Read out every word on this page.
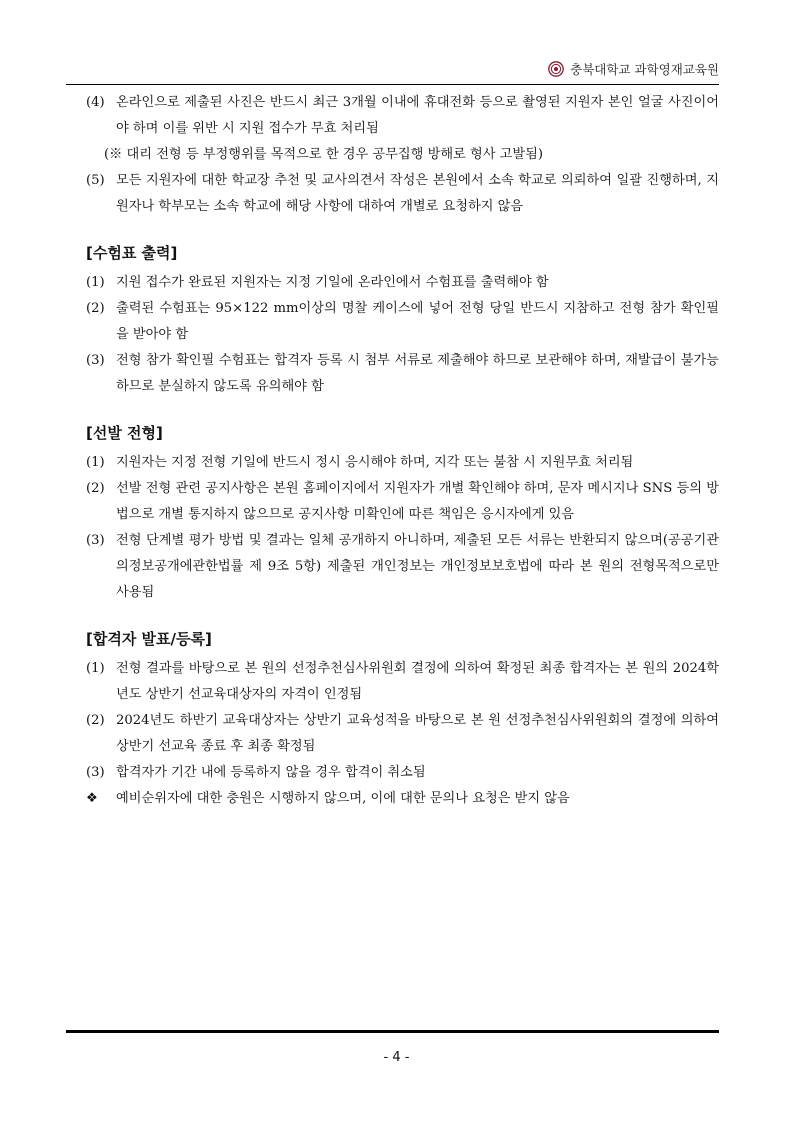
충북대학교 과학영재교육원
(4) 온라인으로 제출된 사진은 반드시 최근 3개월 이내에 휴대전화 등으로 촬영된 지원자 본인 얼굴 사진이어야 하며 이를 위반 시 지원 접수가 무효 처리됨
(※ 대리 전형 등 부정행위를 목적으로 한 경우 공무집행 방해로 형사 고발됨)
(5) 모든 지원자에 대한 학교장 추천 및 교사의견서 작성은 본원에서 소속 학교로 의뢰하여 일괄 진행하며, 지원자나 학부모는 소속 학교에 해당 사항에 대하여 개별로 요청하지 않음
[수험표 출력]
(1) 지원 접수가 완료된 지원자는 지정 기일에 온라인에서 수험표를 출력해야 함
(2) 출력된 수험표는 95×122 mm이상의 명찰 케이스에 넣어 전형 당일 반드시 지참하고 전형 참가 확인필을 받아야 함
(3) 전형 참가 확인필 수험표는 합격자 등록 시 첨부 서류로 제출해야 하므로 보관해야 하며, 재발급이 불가능하므로 분실하지 않도록 유의해야 함
[선발 전형]
(1) 지원자는 지정 전형 기일에 반드시 정시 응시해야 하며, 지각 또는 불참 시 지원무효 처리됨
(2) 선발 전형 관련 공지사항은 본원 홈페이지에서 지원자가 개별 확인해야 하며, 문자 메시지나 SNS 등의 방법으로 개별 통지하지 않으므로 공지사항 미확인에 따른 책임은 응시자에게 있음
(3) 전형 단계별 평가 방법 및 결과는 일체 공개하지 아니하며, 제출된 모든 서류는 반환되지 않으며(공공기관의정보공개에관한법률 제 9조 5항) 제출된 개인정보는 개인정보보호법에 따라 본 원의 전형목적으로만 사용됨
[합격자 발표/등록]
(1) 전형 결과를 바탕으로 본 원의 선정추천심사위원회 결정에 의하여 확정된 최종 합격자는 본 원의 2024학년도 상반기 선교육대상자의 자격이 인정됨
(2) 2024년도 하반기 교육대상자는 상반기 교육성적을 바탕으로 본 원 선정추천심사위원회의 결정에 의하여 상반기 선교육 종료 후 최종 확정됨
(3) 합격자가 기간 내에 등록하지 않을 경우 합격이 취소됨
❖	예비순위자에 대한 충원은 시행하지 않으며, 이에 대한 문의나 요청은 받지 않음
- 4 -
